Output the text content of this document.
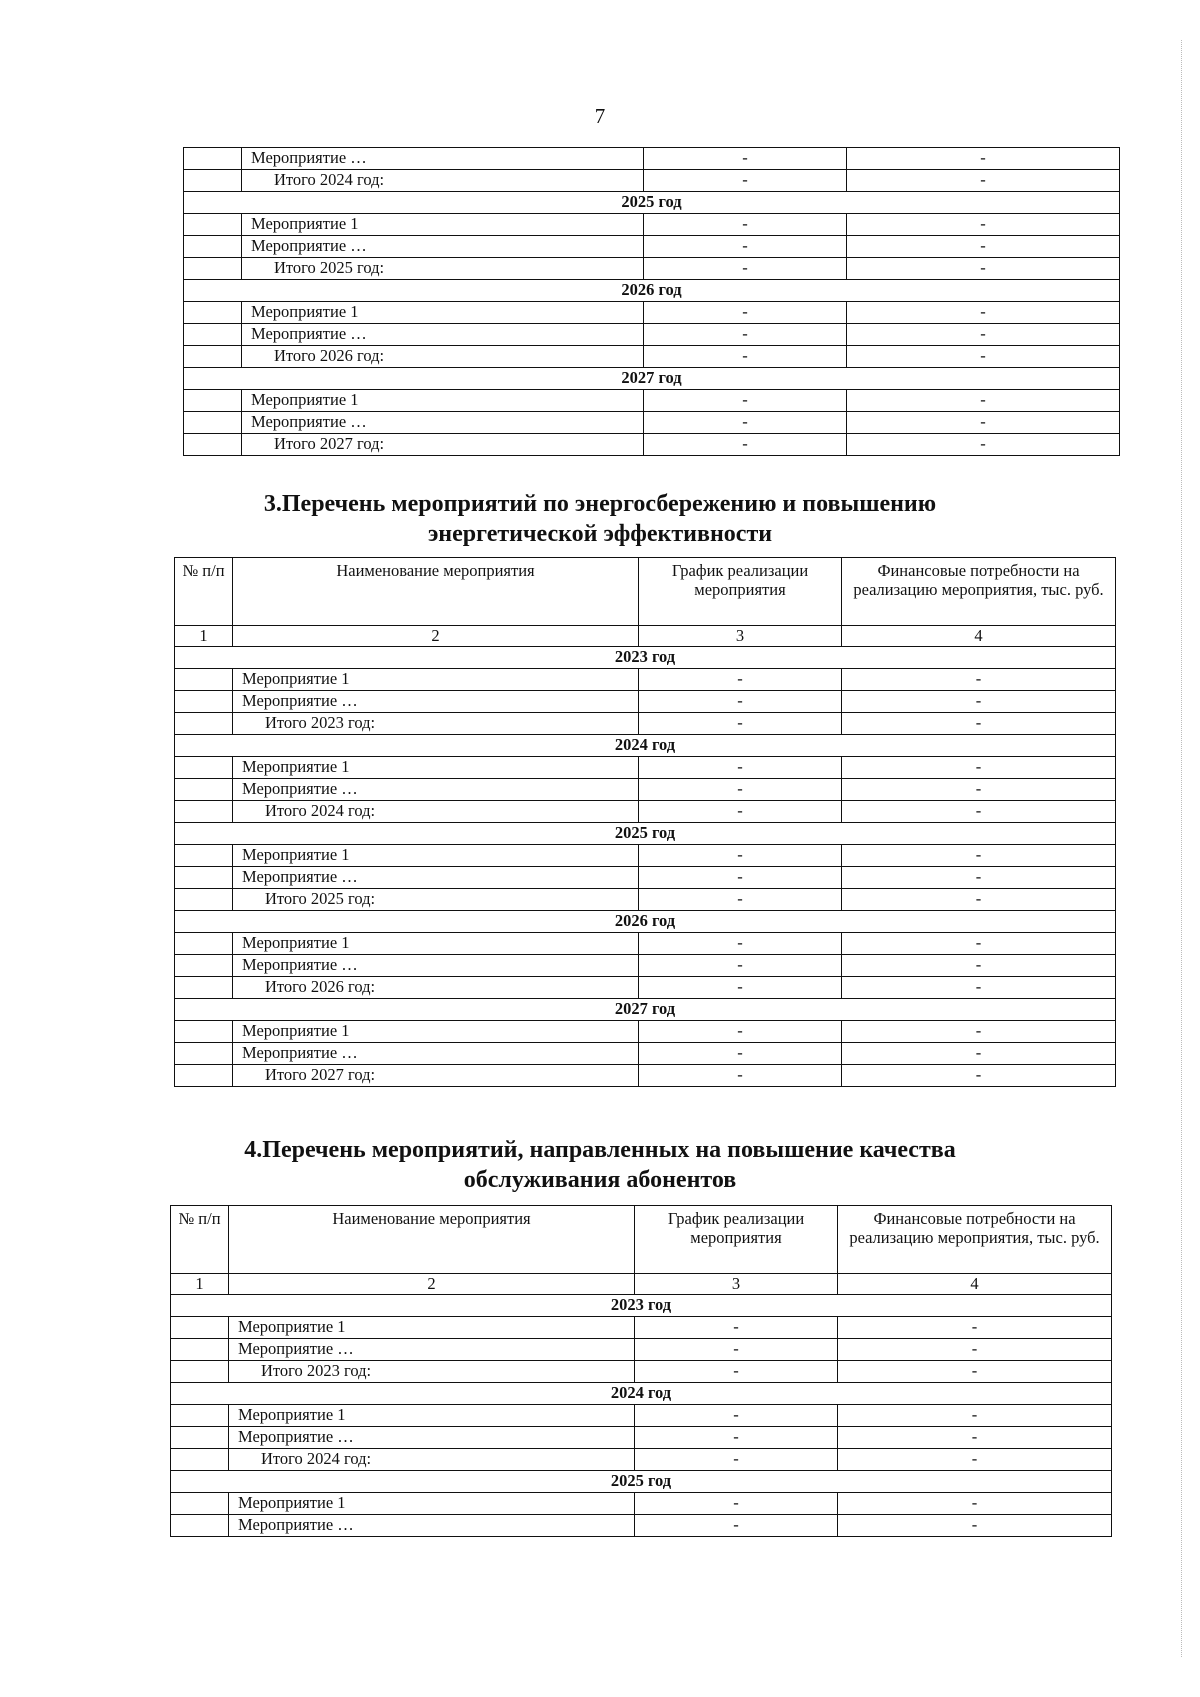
7
	Мероприятие …	-	-
	Итого 2024 год:	-	-
2025 год			
	Мероприятие 1	-	-
	Мероприятие …	-	-
	Итого 2025 год:	-	-
2026 год			
	Мероприятие 1	-	-
	Мероприятие …	-	-
	Итого 2026 год:	-	-
2027 год			
	Мероприятие 1	-	-
	Мероприятие …	-	-
	Итого 2027 год:	-	-
3.Перечень мероприятий по энергосбережению и повышению
энергетической эффективности
№ п/п	Наименование мероприятия	График реализации мероприятия	Финансовые потребности на реализацию мероприятия, тыс. руб.
1	2	3	4
2023 год			
	Мероприятие 1	-	-
	Мероприятие …	-	-
	Итого 2023 год:	-	-
2024 год			
	Мероприятие 1	-	-
	Мероприятие …	-	-
	Итого 2024 год:	-	-
2025 год			
	Мероприятие 1	-	-
	Мероприятие …	-	-
	Итого 2025 год:	-	-
2026 год			
	Мероприятие 1	-	-
	Мероприятие …	-	-
	Итого 2026 год:	-	-
2027 год			
	Мероприятие 1	-	-
	Мероприятие …	-	-
	Итого 2027 год:	-	-
4.Перечень мероприятий, направленных на повышение качества
обслуживания абонентов
№ п/п	Наименование мероприятия	График реализации мероприятия	Финансовые потребности на реализацию мероприятия, тыс. руб.
1	2	3	4
2023 год			
	Мероприятие 1	-	-
	Мероприятие …	-	-
	Итого 2023 год:	-	-
2024 год			
	Мероприятие 1	-	-
	Мероприятие …	-	-
	Итого 2024 год:	-	-
2025 год			
	Мероприятие 1	-	-
	Мероприятие …	-	-
